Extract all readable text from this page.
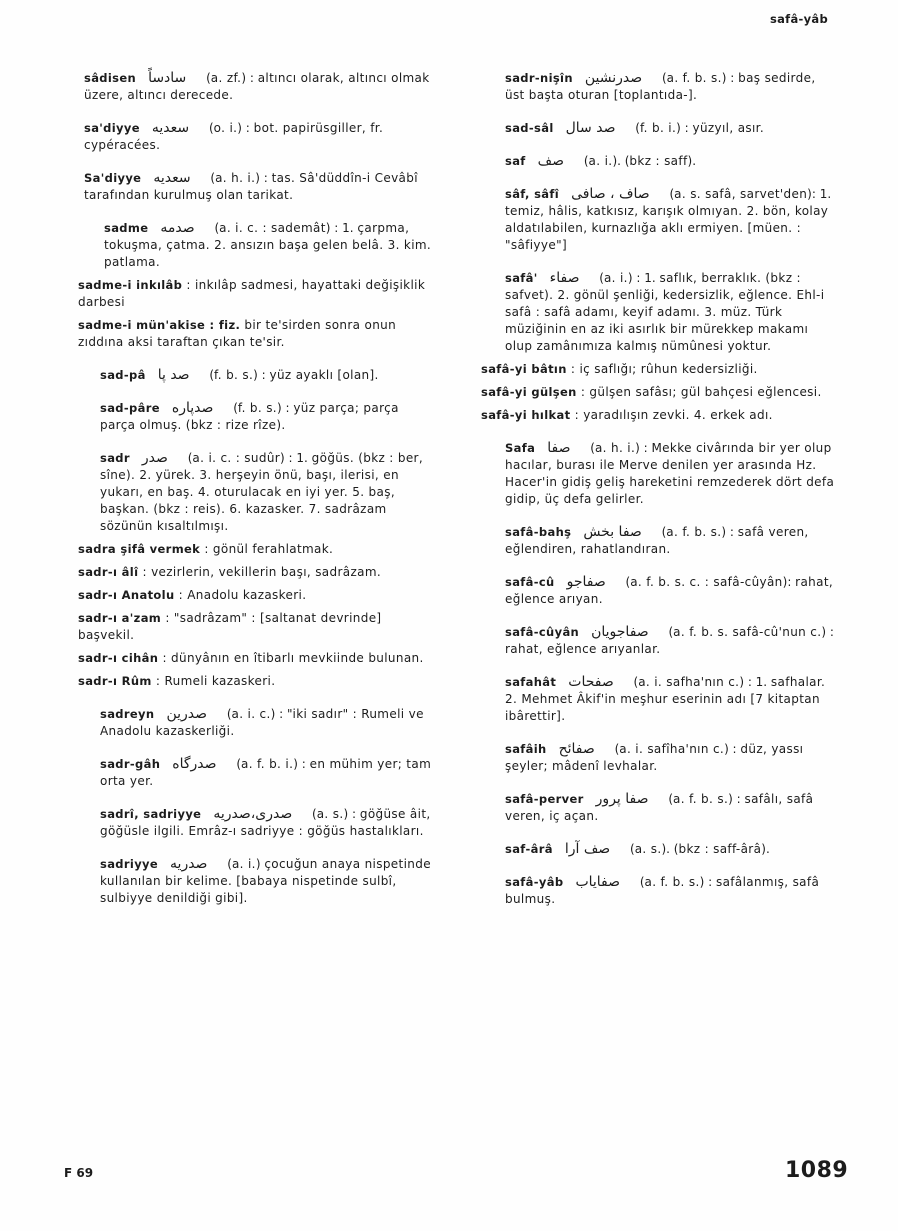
safâ-yâb

sâdisen سادساً (a. zf.) : altıncı olarak, altıncı olmak üzere, altıncı derecede.

sa'diyye سعديه (o. i.) : bot. papirüsgiller, fr. cypéracées.

Sa'diyye سعديه (a. h. i.) : tas. Sâ'düddîn-i Cevâbî tarafından kurulmuş olan tarikat.

sadme صدمه (a. i. c. : sademât) : 1. çarpma, tokuşma, çatma. 2. ansızın başa gelen belâ. 3. kim. patlama.

sadme-i inkılâb : inkılâp sadmesi, hayattaki değişiklik darbesi

sadme-i mün'akise : fiz. bir te'sirden sonra onun zıddına aksi taraftan çıkan te'sir.

sad-pâ صد پا (f. b. s.) : yüz ayaklı [olan].

sad-pâre صدپاره (f. b. s.) : yüz parça; parça parça olmuş. (bkz : rize rîze).

sadr صدر (a. i. c. : sudûr) : 1. göğüs. (bkz : ber, sîne). 2. yürek. 3. herşeyin önü, başı, ilerisi, en yukarı, en baş. 4. oturulacak en iyi yer. 5. baş, başkan. (bkz : reis). 6. kazasker. 7. sadrâzam sözünün kısaltılmışı.

sadra şifâ vermek : gönül ferahlatmak.

sadr-ı âlî : vezirlerin, vekillerin başı, sadrâzam.

sadr-ı Anatolu : Anadolu kazaskeri.

sadr-ı a'zam : "sadrâzam" : [saltanat devrinde] başvekil.

sadr-ı cihân : dünyânın en îtibarlı mevkiinde bulunan.

sadr-ı Rûm : Rumeli kazaskeri.

sadreyn صدرين (a. i. c.) : "iki sadır" : Rumeli ve Anadolu kazaskerliği.

sadr-gâh صدرگاه (a. f. b. i.) : en mühim yer; tam orta yer.

sadrî, sadriyye صدرى،صدريه (a. s.) : göğüse âit, göğüsle ilgili. Emrâz-ı sadriyye : göğüs hastalıkları.

sadriyye صدريه (a. i.) çocuğun anaya nispetinde kullanılan bir kelime. [babaya nispetinde sulbî, sulbiyye denildiği gibi].

sadr-nişîn صدرنشين (a. f. b. s.) : baş sedirde, üst başta oturan [toplantıda-].

sad-sâl صد سال (f. b. i.) : yüzyıl, asır.

saf صف (a. i.). (bkz : saff).

sâf, sâfî صاف ، صافى (a. s. safâ, sarvet'den): 1. temiz, hâlis, katkısız, karışık olmıyan. 2. bön, kolay aldatılabilen, kurnazlığa aklı ermiyen. [müen. : "sâfiyye"]

safâ' صفاء (a. i.) : 1. saflık, berraklık. (bkz : safvet). 2. gönül şenliği, kedersizlik, eğlence. Ehl-i safâ : safâ adamı, keyif adamı. 3. müz. Türk müziğinin en az iki asırlık bir mürekkep makamı olup zamânımıza kalmış nümûnesi yoktur.

safâ-yi bâtın : iç saflığı; rûhun kedersizliği.

safâ-yi gülşen : gülşen safâsı; gül bahçesi eğlencesi.

safâ-yi hılkat : yaradılışın zevki. 4. erkek adı.

Safa صفا (a. h. i.) : Mekke civârında bir yer olup hacılar, burası ile Merve denilen yer arasında Hz. Hacer'in gidiş geliş hareketini remzederek dört defa gidip, üç defa gelirler.

safâ-bahş صفا بخش (a. f. b. s.) : safâ veren, eğlendiren, rahatlandıran.

safâ-cû صفاجو (a. f. b. s. c. : safâ-cûyân): rahat, eğlence arıyan.

safâ-cûyân صفاجويان (a. f. b. s. safâ-cû'nun c.) : rahat, eğlence arıyanlar.

safahât صفحات (a. i. safha'nın c.) : 1. safhalar. 2. Mehmet Âkif'in meşhur eserinin adı [7 kitaptan ibârettir].

safâih صفائح (a. i. safîha'nın c.) : düz, yassı şeyler; mâdenî levhalar.

safâ-perver صفا پرور (a. f. b. s.) : safâlı, safâ veren, iç açan.

saf-ârâ صف آرا (a. s.). (bkz : saff-ârâ).

safâ-yâb صفاياب (a. f. b. s.) : safâlanmış, safâ bulmuş.

F 69	1089
